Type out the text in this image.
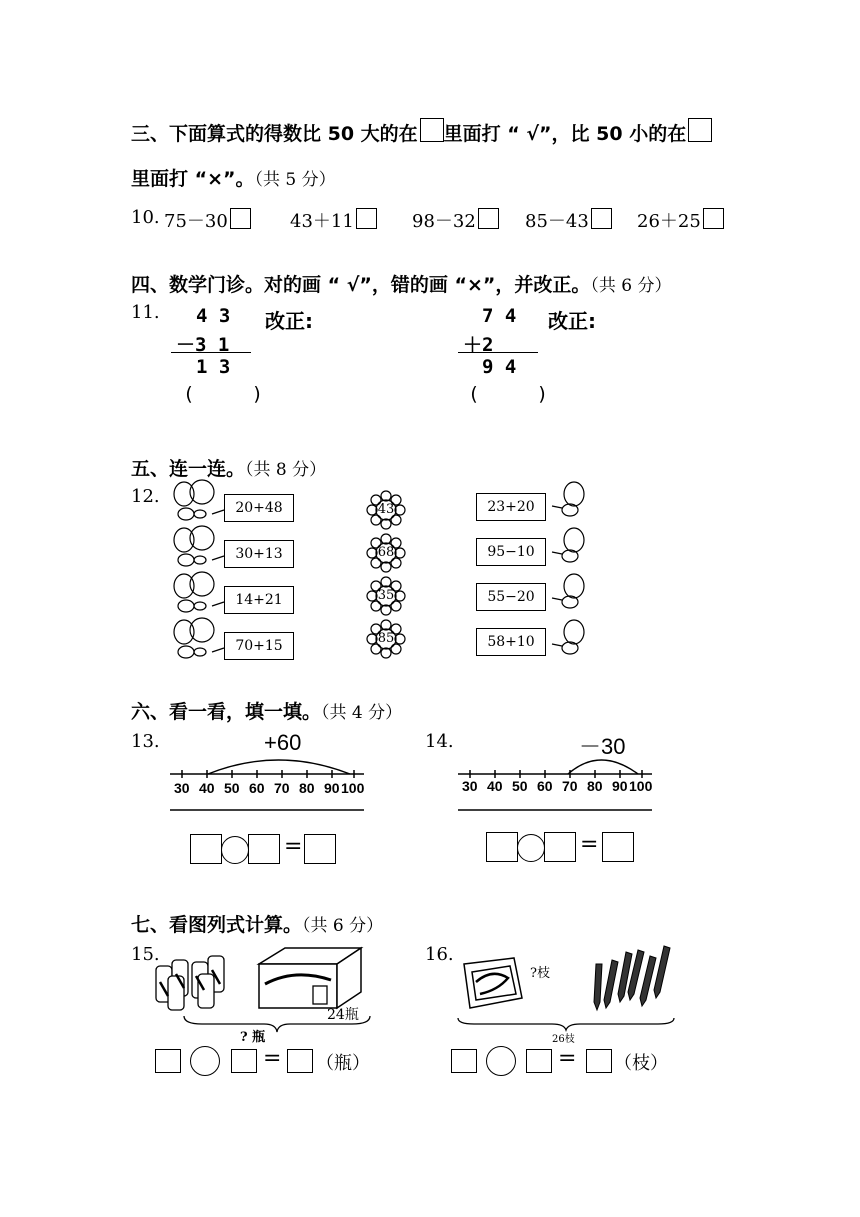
三、下面算式的得数比 50 大的在 里面打 “ √”，比 50 小的在
里面打 “×”。（共 5 分）
10. 75－30	43＋11	98－32	85－43	26＋25
四、数学门诊。对的画 “ √”，错的画 “×”，并改正。（共 6 分）
11. 4 3
－3 1
1 3
(     )
改正:	7 4
＋2
9 4
(     )
改正:
五、连一连。（共 8 分）
12.
20+48
30+13
14+21
70+15
43
68
35
85
23+20
95−10
55−20
58+10
六、看一看，填一填。（共 4 分）
13.	14.
+60
30 40 50 60 70 80 90 100
=
－30
30 40 50 60 70 80 90 100
=
七、看图列式计算。（共 6 分）
15.	16.
24瓶
? 瓶
= （瓶）
?枝
26枝
= （枝）
